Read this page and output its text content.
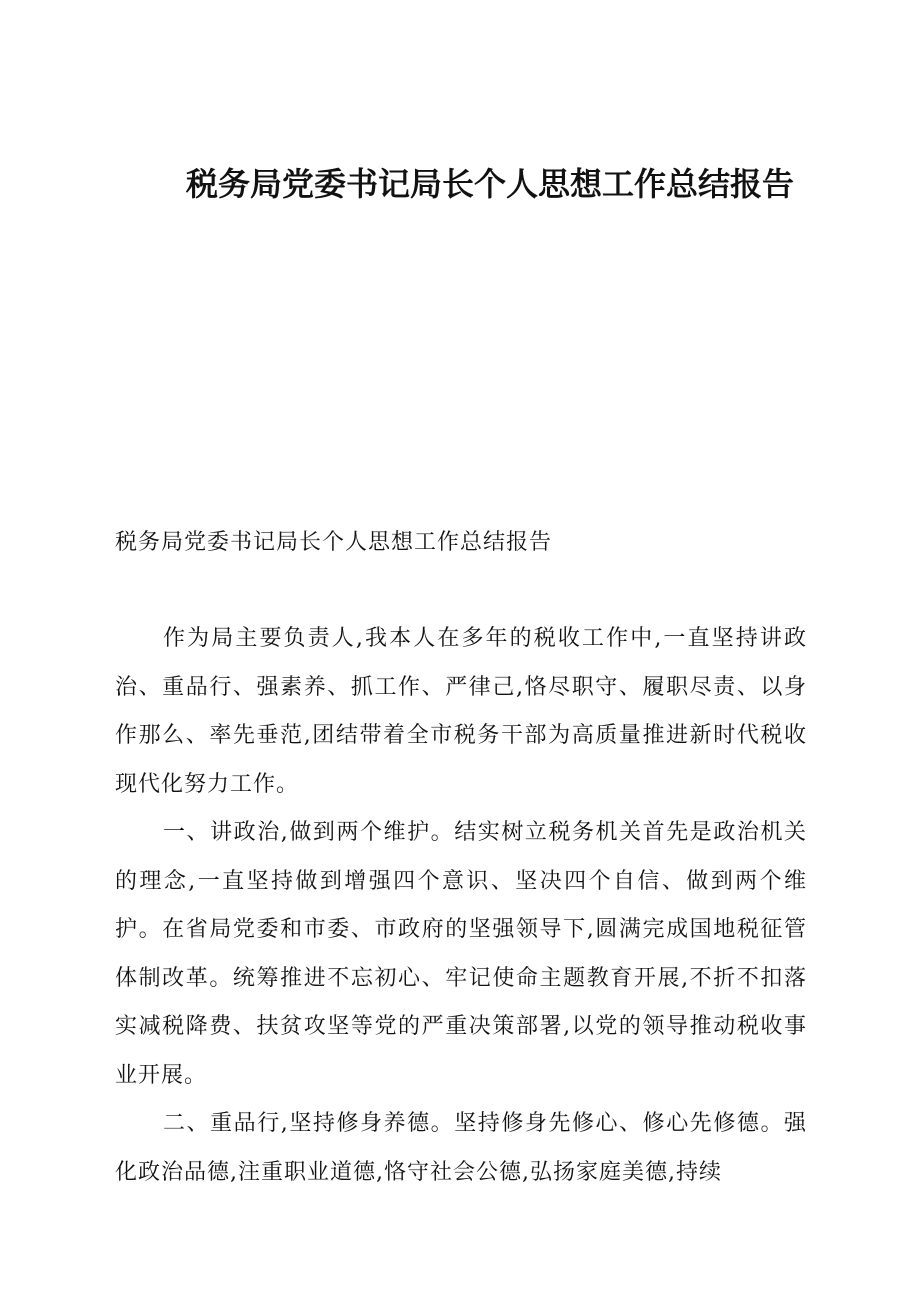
税务局党委书记局长个人思想工作总结报告
税务局党委书记局长个人思想工作总结报告

作为局主要负责人,我本人在多年的税收工作中,一直坚持讲政治、重品行、强素养、抓工作、严律己,恪尽职守、履职尽责、以身作那么、率先垂范,团结带着全市税务干部为高质量推进新时代税收现代化努力工作。

一、讲政治,做到两个维护。结实树立税务机关首先是政治机关的理念,一直坚持做到增强四个意识、坚决四个自信、做到两个维护。在省局党委和市委、市政府的坚强领导下,圆满完成国地税征管体制改革。统筹推进不忘初心、牢记使命主题教育开展,不折不扣落实减税降费、扶贫攻坚等党的严重决策部署,以党的领导推动税收事业开展。

二、重品行,坚持修身养德。坚持修身先修心、修心先修德。强化政治品德,注重职业道德,恪守社会公德,弘扬家庭美德,持续
